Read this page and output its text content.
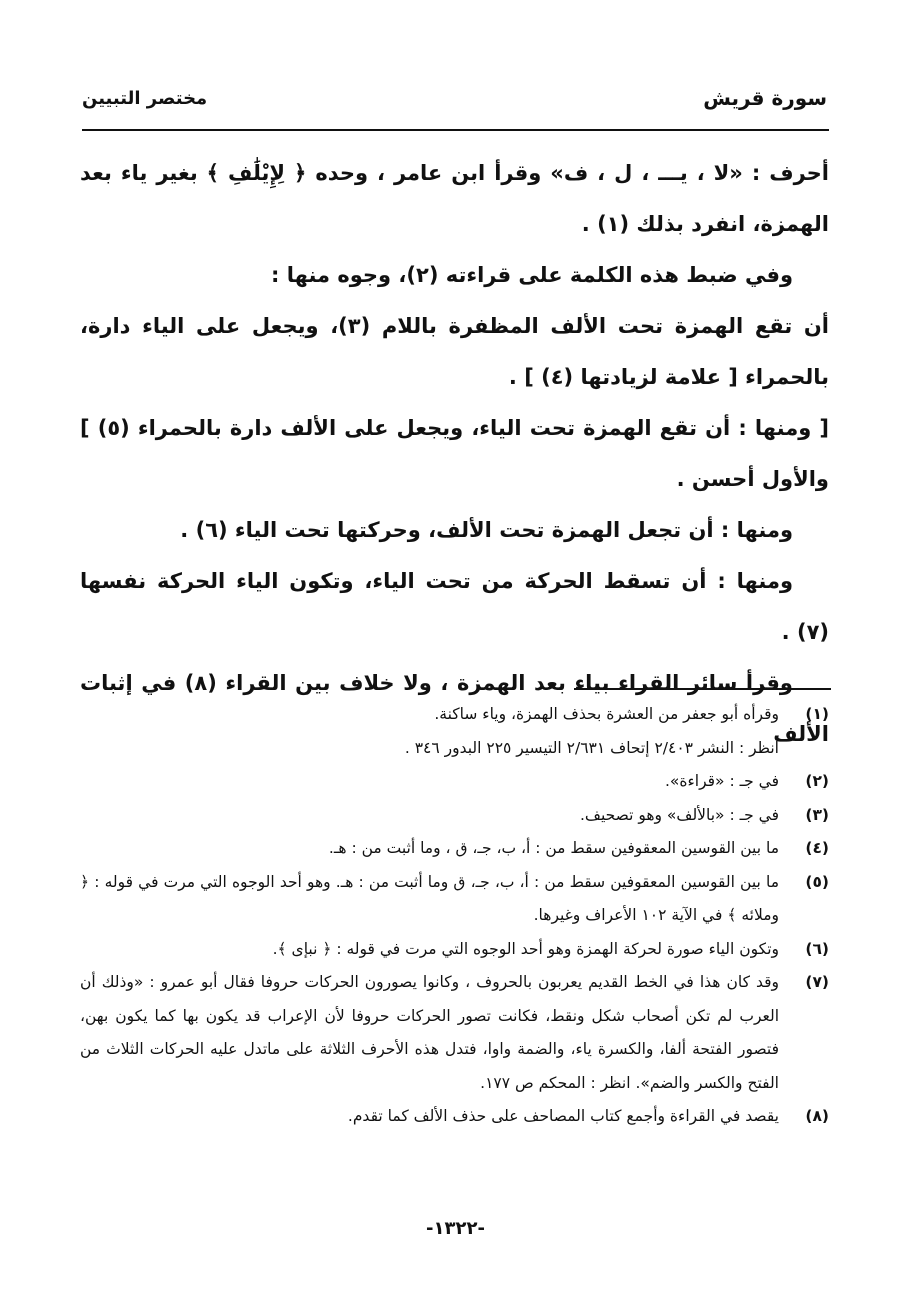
سورة قريش
مختصر التبيين

أحرف : «لا ، يـــ ، ل ، ف» وقرأ ابن عامر ، وحده ﴿ لِإِيْلَٰفِ ﴾ بغير ياء بعد الهمزة، انفرد بذلك (١) .

وفي ضبط هذه الكلمة على قراءته (٢)، وجوه منها :

أن تقع الهمزة تحت الألف المظفرة باللام (٣)، ويجعل على الياء دارة، بالحمراء [ علامة لزيادتها (٤) ] .

[ ومنها : أن تقع الهمزة تحت الياء، ويجعل على الألف دارة بالحمراء (٥) ] والأول أحسن .

ومنها : أن تجعل الهمزة تحت الألف، وحركتها تحت الياء (٦) .

ومنها : أن تسقط الحركة من تحت الياء، وتكون الياء الحركة نفسها (٧) .

وقرأ سائر القراء بياء بعد الهمزة ، ولا خلاف بين القراء (٨) في إثبات الألف

(١)
وقرأه أبو جعفر من العشرة بحذف الهمزة، وياء ساكنة.
انظر : النشر ٢/٤٠٣ إتحاف ٢/٦٣١ التيسير ٢٢٥ البدور ٣٤٦ .
(٢)
في جـ : «قراءة».
(٣)
في جـ : «بالألف» وهو تصحيف.
(٤)
ما بين القوسين المعقوفين سقط من : أ، ب، جـ، ق ، وما أثبت من : هـ.
(٥)
ما بين القوسين المعقوفين سقط من : أ، ب، جـ، ق وما أثبت من : هـ. وهو أحد الوجوه التي مرت في قوله : ﴿ وملائه ﴾ في الآية ١٠٢ الأعراف وغيرها.
(٦)
وتكون الياء صورة لحركة الهمزة وهو أحد الوجوه التي مرت في قوله : ﴿ نبإى ﴾.
(٧)
وقد كان هذا في الخط القديم يعربون بالحروف ، وكانوا يصورون الحركات حروفا فقال أبو عمرو : «وذلك أن العرب لم تكن أصحاب شكل ونقط، فكانت تصور الحركات حروفا لأن الإعراب قد يكون بها كما يكون بهن، فتصور الفتحة ألفا، والكسرة ياء، والضمة واوا، فتدل هذه الأحرف الثلاثة على ماتدل عليه الحركات الثلاث من الفتح والكسر والضم». انظر : المحكم ص ١٧٧.
(٨)
يقصد في القراءة وأجمع كتاب المصاحف على حذف الألف كما تقدم.
-١٣٢٢-
